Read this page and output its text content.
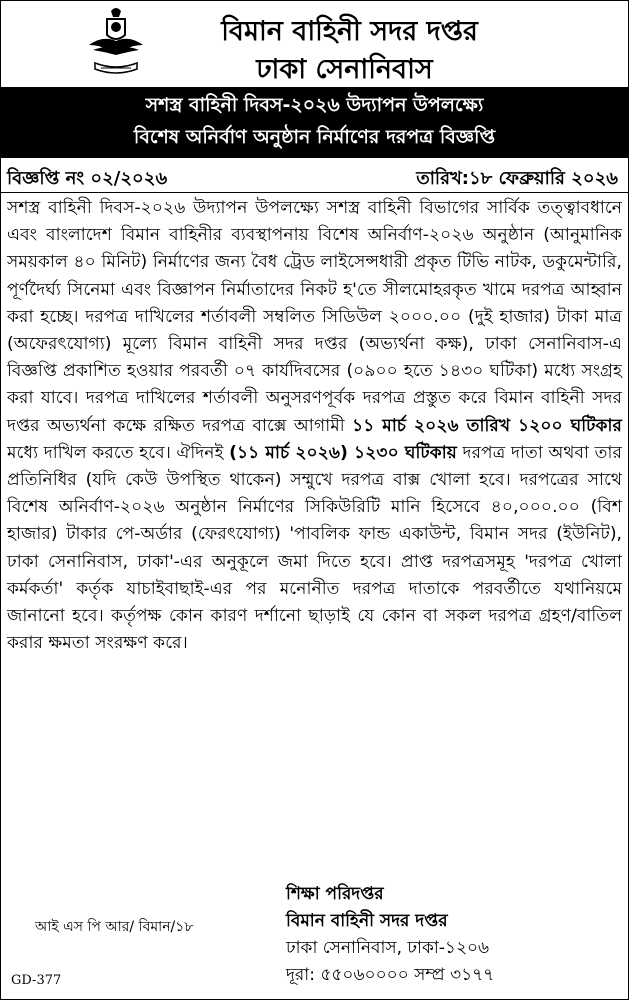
বিমান বাহিনী সদর দপ্তর
ঢাকা সেনানিবাস
সশস্ত্র বাহিনী দিবস-২০২৬ উদ্যাপন উপলক্ষ্যে
বিশেষ অনির্বাণ অনুষ্ঠান নির্মাণের দরপত্র বিজ্ঞপ্তি
বিজ্ঞপ্তি নং ০২/২০২৬	তারিখ:১৮ ফেব্রুয়ারি ২০২৬
সশস্ত্র বাহিনী দিবস-২০২৬ উদ্যাপন উপলক্ষ্যে সশস্ত্র বাহিনী বিভাগের সার্বিক তত্ত্বাবধানে এবং বাংলাদেশ বিমান বাহিনীর ব্যবস্থাপনায় বিশেষ অনির্বাণ-২০২৬ অনুষ্ঠান (আনুমানিক সময়কাল ৪০ মিনিট) নির্মাণের জন্য বৈধ ট্রেড লাইসেন্সধারী প্রকৃত টিভি নাটক, ডকুমেন্টারি, পূর্ণদৈর্ঘ্য সিনেমা এবং বিজ্ঞাপন নির্মাতাদের নিকট হ'তে সীলমোহরকৃত খামে দরপত্র আহ্বান করা হচ্ছে। দরপত্র দাখিলের শর্তাবলী সম্বলিত সিডিউল ২০০০.০০ (দুই হাজার) টাকা মাত্র (অফেরৎযোগ্য) মূল্যে বিমান বাহিনী সদর দপ্তর (অভ্যর্থনা কক্ষ), ঢাকা সেনানিবাস-এ বিজ্ঞপ্তি প্রকাশিত হওয়ার পরবর্তী ০৭ কার্যদিবসের (০৯০০ হতে ১৪৩০ ঘটিকা) মধ্যে সংগ্রহ করা যাবে। দরপত্র দাখিলের শর্তাবলী অনুসরণপূর্বক দরপত্র প্রস্তুত করে বিমান বাহিনী সদর দপ্তর অভ্যর্থনা কক্ষে রক্ষিত দরপত্র বাক্সে আগামী ১১ মার্চ ২০২৬ তারিখ ১২০০ ঘটিকার মধ্যে দাখিল করতে হবে। ঐদিনই (১১ মার্চ ২০২৬) ১২৩০ ঘটিকায় দরপত্র দাতা অথবা তার প্রতিনিধির (যদি কেউ উপস্থিত থাকেন) সম্মুখে দরপত্র বাক্স খোলা হবে। দরপত্রের সাথে বিশেষ অনির্বাণ-২০২৬ অনুষ্ঠান নির্মাণের সিকিউরিটি মানি হিসেবে ৪০,০০০.০০ (বিশ হাজার) টাকার পে-অর্ডার (ফেরৎযোগ্য) 'পাবলিক ফান্ড একাউন্ট, বিমান সদর (ইউনিট), ঢাকা সেনানিবাস, ঢাকা'-এর অনুকূলে জমা দিতে হবে। প্রাপ্ত দরপত্রসমূহ 'দরপত্র খোলা কর্মকর্তা' কর্তৃক যাচাইবাছাই-এর পর মনোনীত দরপত্র দাতাকে পরবর্তীতে যথানিয়মে জানানো হবে। কর্তৃপক্ষ কোন কারণ দর্শানো ছাড়াই যে কোন বা সকল দরপত্র গ্রহণ/বাতিল করার ক্ষমতা সংরক্ষণ করে।
আই এস পি আর/ বিমান/১৮
GD-377
শিক্ষা পরিদপ্তর
বিমান বাহিনী সদর দপ্তর
ঢাকা সেনানিবাস, ঢাকা-১২০৬
দূরা: ৫৫০৬০০০০ সম্প্র ৩১৭৭
